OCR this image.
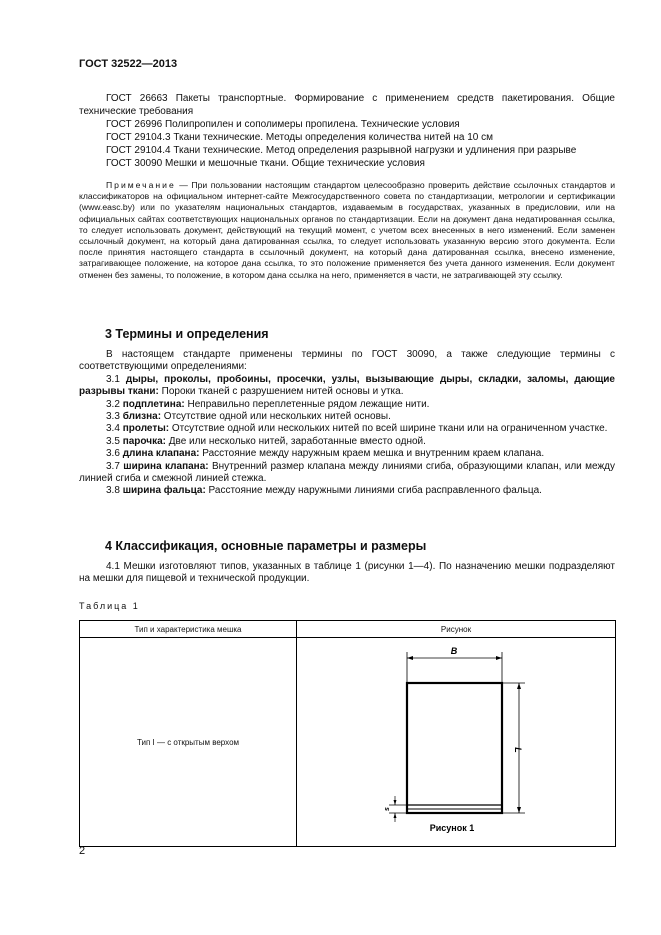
ГОСТ 32522—2013

ГОСТ 26663 Пакеты транспортные. Формирование с применением средств пакетирования. Общие технические требования

ГОСТ 26996 Полипропилен и сополимеры пропилена. Технические условия

ГОСТ 29104.3 Ткани технические. Методы определения количества нитей на 10 см

ГОСТ 29104.4 Ткани технические. Метод определения разрывной нагрузки и удлинения при разрыве

ГОСТ 30090 Мешки и мешочные ткани. Общие технические условия

Примечание — При пользовании настоящим стандартом целесообразно проверить действие ссылочных стандартов и классификаторов на официальном интернет-сайте Межгосударственного совета по стандартизации, метрологии и сертификации (www.easc.by) или по указателям национальных стандартов, издаваемым в государствах, указанных в предисловии, или на официальных сайтах соответствующих национальных органов по стандартизации. Если на документ дана недатированная ссылка, то следует использовать документ, действующий на текущий момент, с учетом всех внесенных в него изменений. Если заменен ссылочный документ, на который дана датированная ссылка, то следует использовать указанную версию этого документа. Если после принятия настоящего стандарта в ссылочный документ, на который дана датированная ссылка, внесено изменение, затрагивающее положение, на которое дана ссылка, то это положение применяется без учета данного изменения. Если документ отменен без замены, то положение, в котором дана ссылка на него, применяется в части, не затрагивающей эту ссылку.

3 Термины и определения

В настоящем стандарте применены термины по ГОСТ 30090, а также следующие термины с соответствующими определениями:

3.1 дыры, проколы, пробоины, просечки, узлы, вызывающие дыры, складки, заломы, дающие разрывы ткани: Пороки тканей с разрушением нитей основы и утка.

3.2 подплетина: Неправильно переплетенные рядом лежащие нити.

3.3 близна: Отсутствие одной или нескольких нитей основы.

3.4 пролеты: Отсутствие одной или нескольких нитей по всей ширине ткани или на ограниченном участке.

3.5 парочка: Две или несколько нитей, заработанные вместо одной.

3.6 длина клапана: Расстояние между наружным краем мешка и внутренним краем клапана.

3.7 ширина клапана: Внутренний размер клапана между линиями сгиба, образующими клапан, или между линией сгиба и смежной линией стежка.

3.8 ширина фальца: Расстояние между наружными линиями сгиба расправленного фальца.

4 Классификация, основные параметры и размеры

4.1 Мешки изготовляют типов, указанных в таблице 1 (рисунки 1—4). По назначению мешки подразделяют на мешки для пищевой и технической продукции.

Таблица 1
Тип и характеристика мешка	Рисунок
Тип I — с открытым верхом	B
L
s
Рисунок 1
2
